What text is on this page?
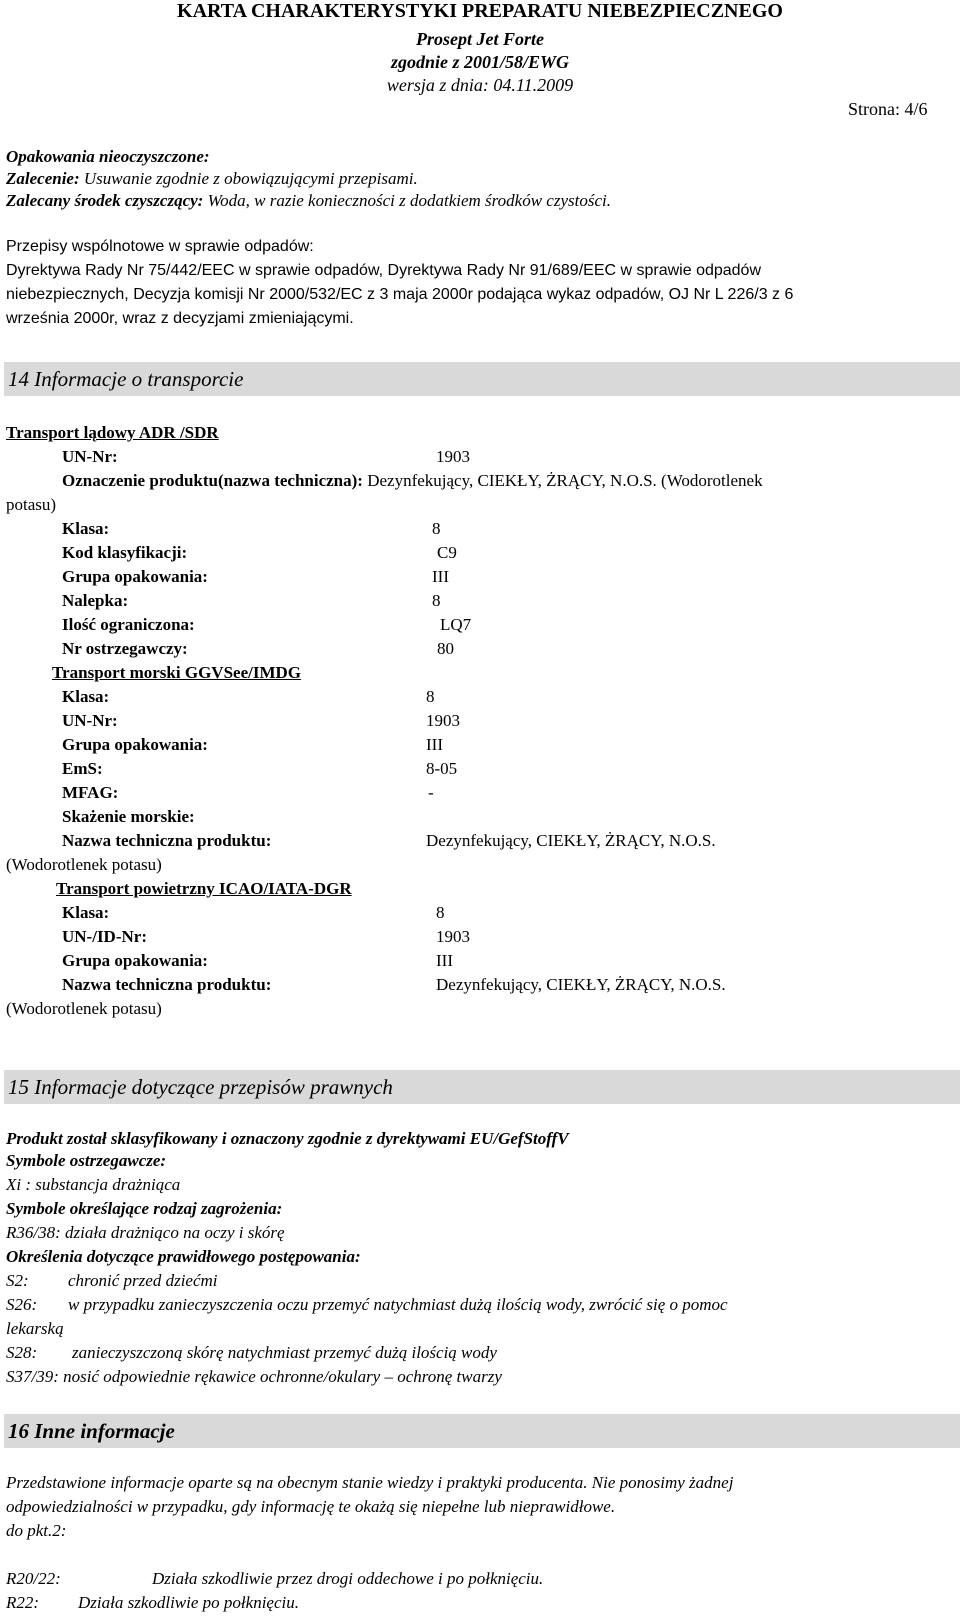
KARTA CHARAKTERYSTYKI PREPARATU NIEBEZPIECZNEGO
Prosept Jet Forte
zgodnie z 2001/58/EWG
wersja z dnia: 04.11.2009
Strona: 4/6
Opakowania nieoczyszczone:
Zalecenie: Usuwanie zgodnie z obowiązującymi przepisami.
Zalecany środek czyszczący: Woda, w razie konieczności z dodatkiem środków czystości.
Przepisy wspólnotowe w sprawie odpadów:
Dyrektywa Rady Nr 75/442/EEC w sprawie odpadów, Dyrektywa Rady Nr 91/689/EEC w sprawie odpadów
niebezpiecznych, Decyzja komisji Nr 2000/532/EC z 3 maja 2000r podająca wykaz odpadów, OJ Nr L 226/3 z 6
września 2000r, wraz z decyzjami zmieniającymi.
14 Informacje o transporcie
Transport lądowy ADR /SDR
UN-Nr:	1903
Oznaczenie produktu(nazwa techniczna): Dezynfekujący, CIEKŁY, ŻRĄCY, N.O.S. (Wodorotlenek
potasu)
Klasa:	8
Kod klasyfikacji:	C9
Grupa opakowania:	III
Nalepka:	8
Ilość ograniczona:	LQ7
Nr ostrzegawczy:	80
Transport morski GGVSee/IMDG
Klasa:	8
UN-Nr:	1903
Grupa opakowania:	III
EmS:	8-05
MFAG:	-
Skażenie morskie:
Nazwa techniczna produktu:	Dezynfekujący, CIEKŁY, ŻRĄCY, N.O.S.
(Wodorotlenek potasu)
Transport powietrzny ICAO/IATA-DGR
Klasa:	8
UN-/ID-Nr:	1903
Grupa opakowania:	III
Nazwa techniczna produktu:	Dezynfekujący, CIEKŁY, ŻRĄCY, N.O.S.
(Wodorotlenek potasu)
15 Informacje dotyczące przepisów prawnych
Produkt został sklasyfikowany i oznaczony zgodnie z dyrektywami EU/GefStoffV
Symbole ostrzegawcze:
Xi : substancja drażniąca
Symbole określające rodzaj zagrożenia:
R36/38: działa drażniąco na oczy i skórę
Określenia dotyczące prawidłowego postępowania:
S2: chronić przed dziećmi
S26: w przypadku zanieczyszczenia oczu przemyć natychmiast dużą ilością wody, zwrócić się o pomoc
lekarską
S28: zanieczyszczoną skórę natychmiast przemyć dużą ilością wody
S37/39: nosić odpowiednie rękawice ochronne/okulary – ochronę twarzy
16 Inne informacje
Przedstawione informacje oparte są na obecnym stanie wiedzy i praktyki producenta. Nie ponosimy żadnej
odpowiedzialności w przypadku, gdy informację te okażą się niepełne lub nieprawidłowe.
do pkt.2:
R20/22:	Działa szkodliwie przez drogi oddechowe i po połknięciu.
R22: Działa szkodliwie po połknięciu.
